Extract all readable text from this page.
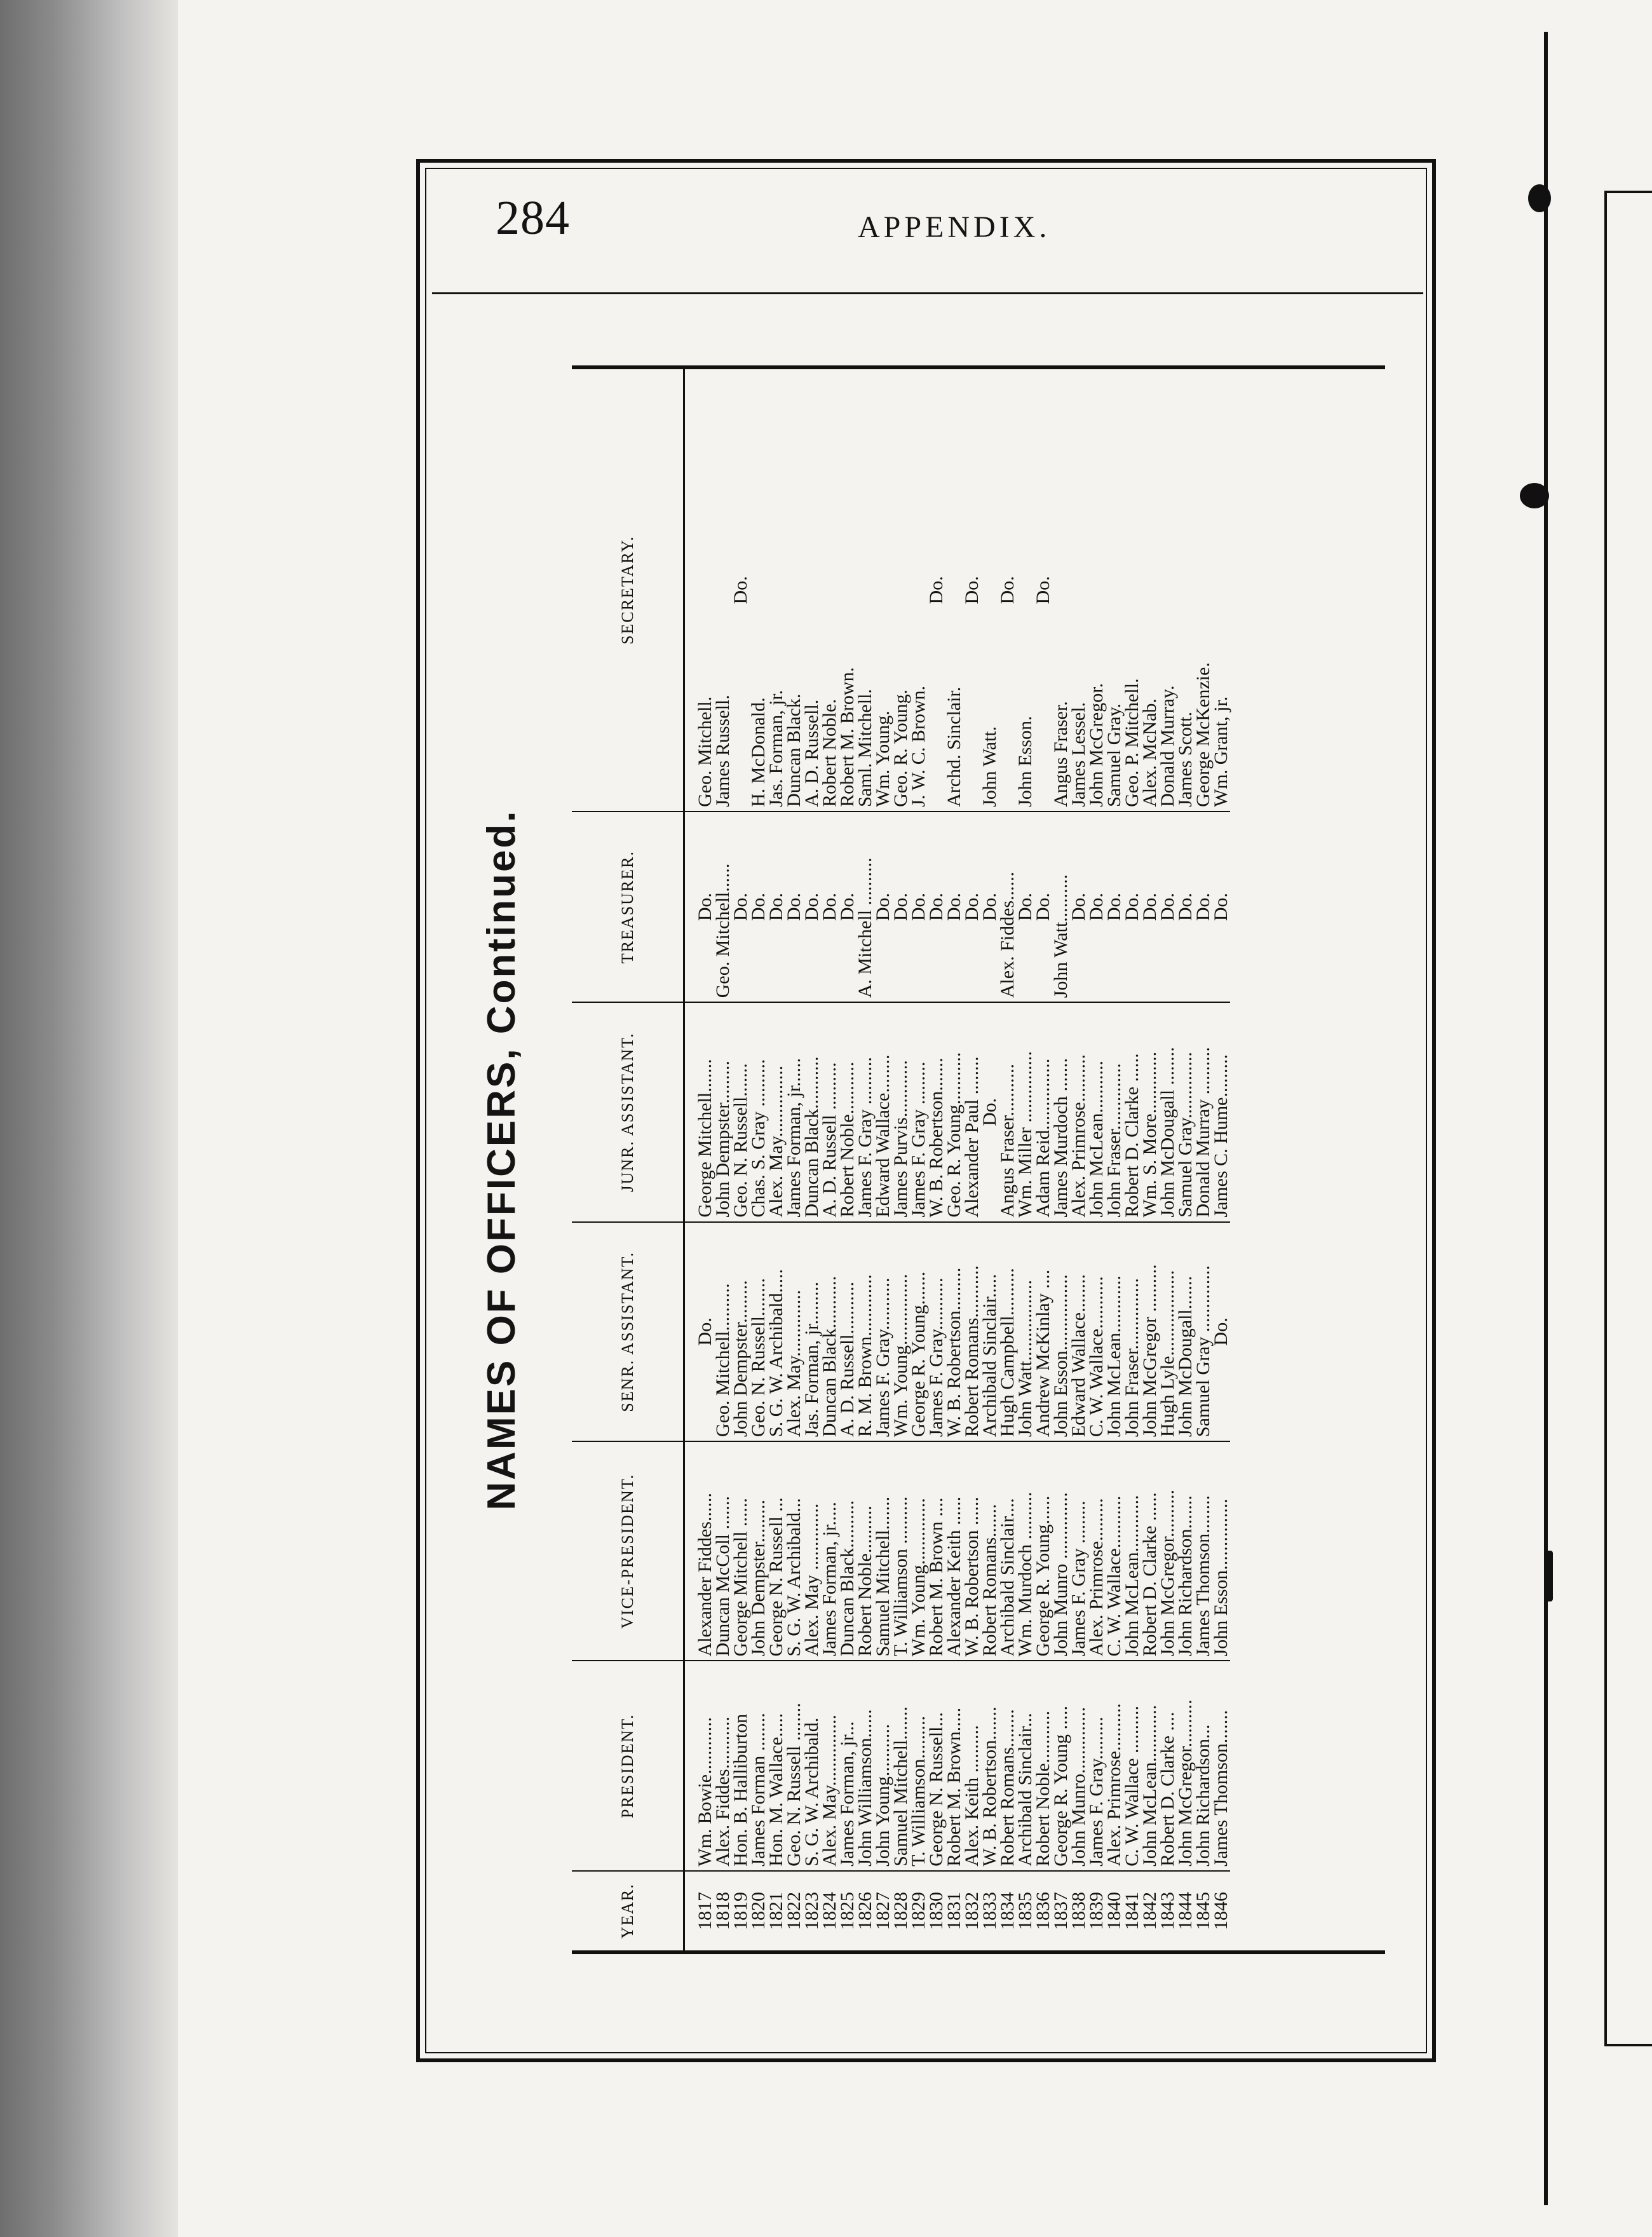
284	APPENDIX.
NAMES OF OFFICERS, Continued.
YEAR.	PRESIDENT.	VICE-PRESIDENT.	SENR. ASSISTANT.	JUNR. ASSISTANT.	TREASURER.	SECRETARY.
1817	Wm. Bowie............	Alexander Fiddes......	Do.	George Mitchell.......	Do.	Geo. Mitchell.
1818	Alex. Fiddes...........	Duncan McColl .......	Geo. Mitchell..........	John Dempster.........	Geo. Mitchell......	James Russell.
1819	Hon. B. Halliburton	George Mitchell ......	John Dempster.........	Geo. N. Russell.......	Do.	Do.
1820	James Forman ........	John Dempster.........	Geo. N. Russell........	Chas. S. Gray ..........	Do.	H. McDonald.
1821	Hon. M. Wallace.....	George N. Russell ...	S. G. W. Archibald.....	Alex. May...............	Do.	Jas. Forman, jr.
1822	Geo. N. Russell ........	S. G. W. Archibald...	Alex. May..............	James Forman, jr......	Do.	Duncan Black.
1823	S. G. W. Archibald.	Alex. May ..............	Jas. Forman, jr.........	Duncan Black...........	Do.	A. D. Russell.
1824	Alex. May...............	James Forman, jr.....	Duncan Black...........	A. D. Russell ..........	Do.	Robert Noble.
1825	James Forman, jr...	Duncan Black..........	A. D. Russell...........	Robert Noble...........	Do.	Robert M. Brown.
1826	John Williamson......	Robert Noble..........	R. M. Brown.............	James F. Gray ..........	A. Mitchell ..........	Saml. Mitchell.
1827	John Young...........	Samuel Mitchell.......	James F. Gray...........	Edward Wallace........	Do.	Wm. Young.
1828	Samuel Mitchell.......	T. Williamson ..........	Wm. Young...............	James Purvis............	Do.	Geo. R. Young.
1829	T. Williamson.........	Wm. Young..............	George R. Young.......	James F. Gray .........	Do.	J. W. C. Brown.
1830	George N. Russell...	Robert M. Brown ....	James F. Gray...........	W. B. Robertson.......	Do.	Do.
1831	Robert M. Brown.....	Alexander Keith ......	W. B. Robertson.........	Geo. R. Young...........	Do.	Archd. Sinclair.
1832	Alex. Keith ..........	W. B. Robertson ......	Robert Romans...........	Alexander Paul ........	Do.	Do.
1833	W. B. Robertson.......	Robert Romans.......	Archibald Sinclair.....	Do.	Do.	John Watt.
1834	Robert Romans........	Archibald Sinclair....	Hugh Campbell..........	Angus Fraser...........	Alex. Fiddes......	Do.
1835	Archibald Sinclair...	Wm. Murdoch ..........	John Watt.................	Wm. Miller ...............	Do.	John Esson.
1836	Robert Noble...........	George R. Young......	Andrew McKinlay ....	Adam Reid...............	Do.	Do.
1837	George R. Young .....	John Munro ..............	John Esson................	James Murdoch .......	John Watt..........	Angus Fraser.
1838	John Munro..............	James F. Gray .........	Edward Wallace........	Alex. Primrose..........	Do.	James Lessel.
1839	James F. Gray.........	Alex. Primrose.........	C. W. Wallace...........	John McLean...........	Do.	John McGregor.
1840	Alex. Primrose..........	C. W. Wallace...........	John McLean............	John Fraser..............	Do.	Samuel Gray.
1841	C. W. Wallace ..........	John McLean............	John Fraser...............	Robert D. Clarke ......	Do.	Geo. P. Mitchell.
1842	John McLean............	Robert D. Clarke ......	John McGregor ..........	Wm. S. More.............	Do.	Alex. McNab.
1843	Robert D. Clarke ....	John McGregor..........	Hugh Lyle..................	John McDougall ........	Do.	Donald Murray.
1844	John McGregor..........	John Richardson.......	John McDougall.......	Samuel Gray..............	Do.	James Scott.
1845	John Richardson...	James Thomson........	Samuel Gray ..............	Donald Murray ..........	Do.	George McKenzie.
1846	James Thomson.......	John Esson...............	Do.	James C. Hume.........	Do.	Wm. Grant, jr.
